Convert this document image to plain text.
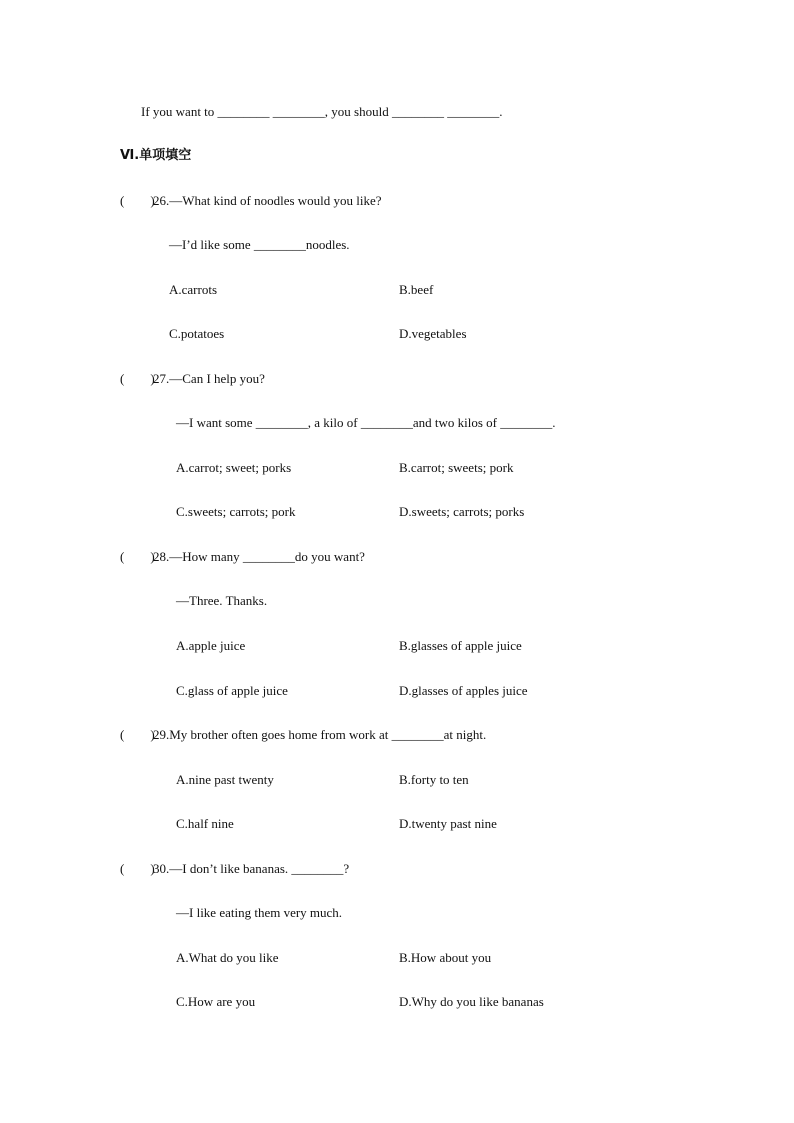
If you want to ________ ________, you should ________ ________.
Ⅵ.单项填空
(        )
26.—What kind of noodles would you like?
—I’d like some ________noodles.
A.carrots	B.beef
C.potatoes	D.vegetables
(        )
27.—Can I help you?
—I want some ________, a kilo of ________and two kilos of ________.
A.carrot; sweet; porks	B.carrot; sweets; pork
C.sweets; carrots; pork	D.sweets; carrots; porks
(        )
28.—How many ________do you want?
—Three. Thanks.
A.apple juice	B.glasses of apple juice
C.glass of apple juice	D.glasses of apples juice
(        )
29.My brother often goes home from work at ________at night.
A.nine past twenty	B.forty to ten
C.half nine	D.twenty past nine
(        )
30.—I don’t like bananas. ________?
—I like eating them very much.
A.What do you like	B.How about you
C.How are you	D.Why do you like bananas
